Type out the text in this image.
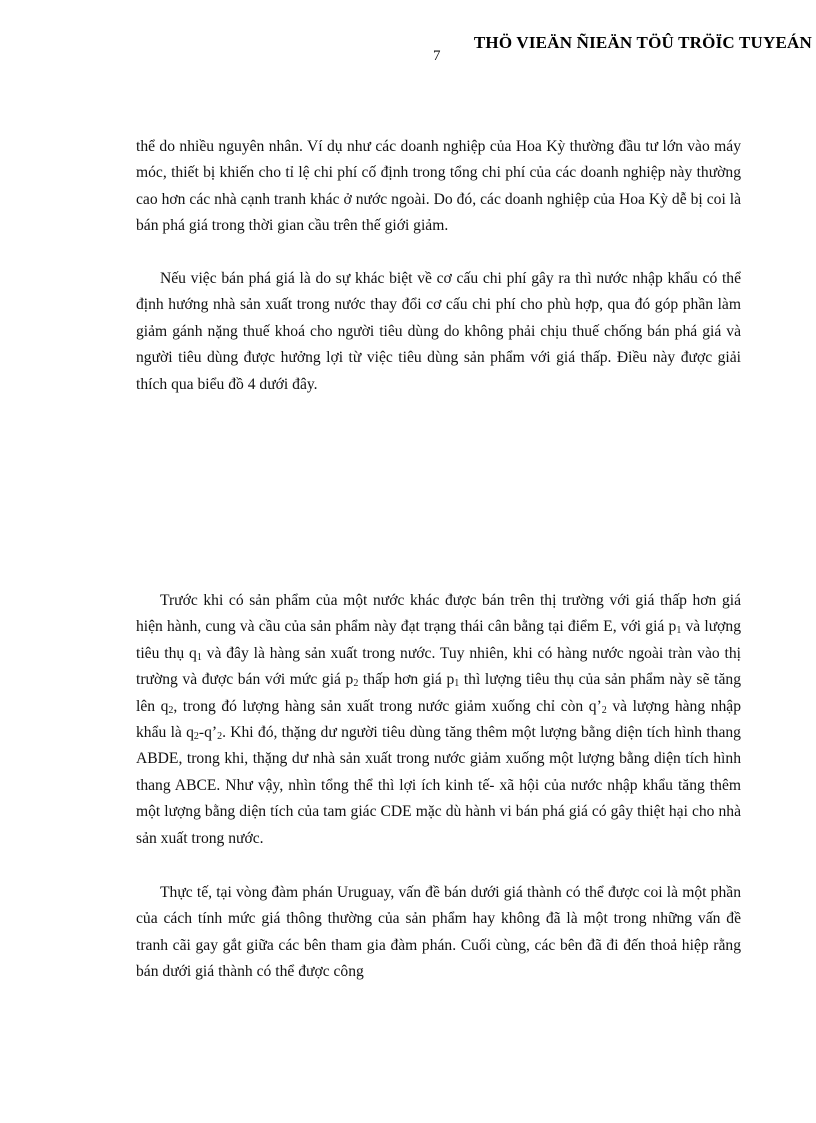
THÖ VIEÄN ÑIEÄN TÖÛ TRÖÏC TUYEÁN
7

thể do nhiều nguyên nhân. Ví dụ như các doanh nghiệp của Hoa Kỳ thường đầu tư lớn vào máy móc, thiết bị khiến cho tỉ lệ chi phí cố định trong tổng chi phí của các doanh nghiệp này thường cao hơn các nhà cạnh tranh khác ở nước ngoài. Do đó, các doanh nghiệp của Hoa Kỳ dễ bị coi là bán phá giá trong thời gian cầu trên thế giới giảm.

Nếu việc bán phá giá là do sự khác biệt về cơ cấu chi phí gây ra thì nước nhập khẩu có thể định hướng nhà sản xuất trong nước thay đổi cơ cấu chi phí cho phù hợp, qua đó góp phần làm giảm gánh nặng thuế khoá cho người tiêu dùng do không phải chịu thuế chống bán phá giá và người tiêu dùng được hưởng lợi từ việc tiêu dùng sản phẩm với giá thấp. Điều này được giải thích qua biểu đồ 4 dưới đây.

Trước khi có sản phẩm của một nước khác được bán trên thị trường với giá thấp hơn giá hiện hành, cung và cầu của sản phẩm này đạt trạng thái cân bằng tại điểm E, với giá $p_1$ và lượng tiêu thụ $q_1$ và đây là hàng sản xuất trong nước. Tuy nhiên, khi có hàng nước ngoài tràn vào thị trường và được bán với mức giá $p_2$ thấp hơn giá $p_1$ thì lượng tiêu thụ của sản phẩm này sẽ tăng lên $q_2$, trong đó lượng hàng sản xuất trong nước giảm xuống chỉ còn $q’_2$ và lượng hàng nhập khẩu là $q_2-q’_2$. Khi đó, thặng dư người tiêu dùng tăng thêm một lượng bằng diện tích hình thang ABDE, trong khi, thặng dư nhà sản xuất trong nước giảm xuống một lượng bằng diện tích hình thang ABCE. Như vậy, nhìn tổng thể thì lợi ích kinh tế- xã hội của nước nhập khẩu tăng thêm một lượng bằng diện tích của tam giác CDE mặc dù hành vi bán phá giá có gây thiệt hại cho nhà sản xuất trong nước.

Thực tế, tại vòng đàm phán Uruguay, vấn đề bán dưới giá thành có thể được coi là một phần của cách tính mức giá thông thường của sản phẩm hay không đã là một trong những vấn đề tranh cãi gay gắt giữa các bên tham gia đàm phán. Cuối cùng, các bên đã đi đến thoả hiệp rằng bán dưới giá thành có thể được công
